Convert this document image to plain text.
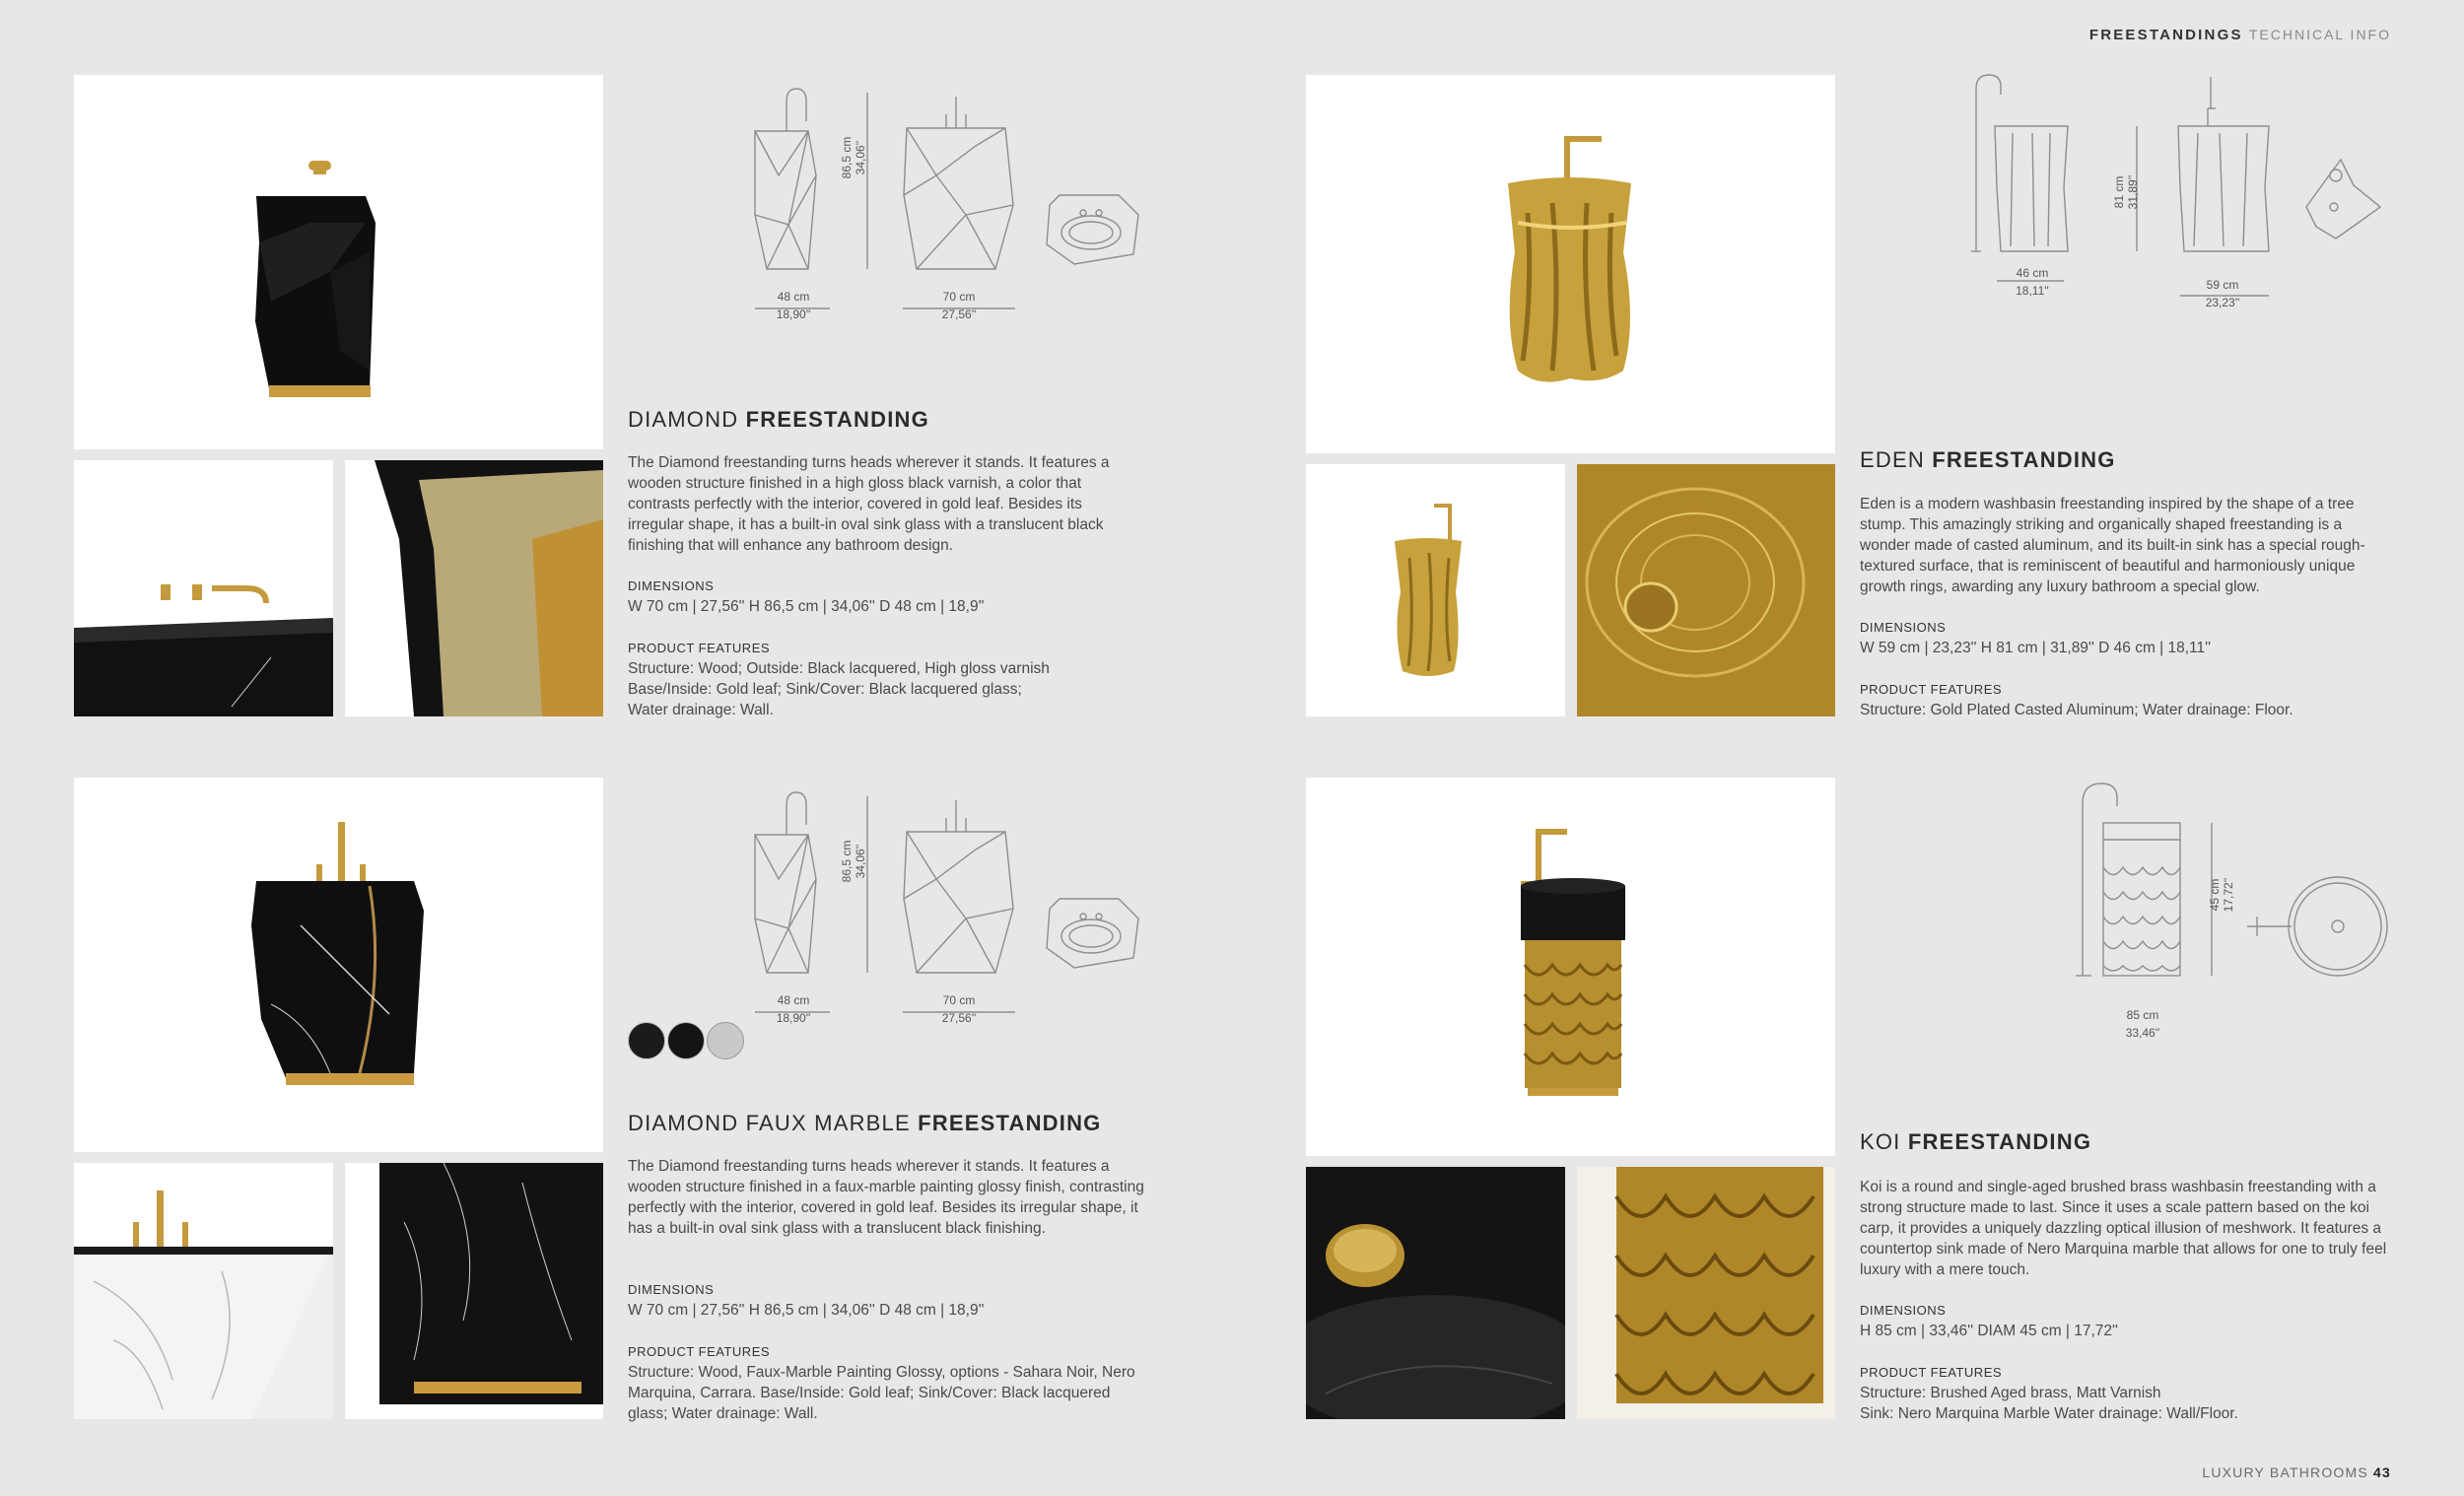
FREESTANDINGS TECHNICAL INFO
86,5 cm 34,06''
48 cm
18,90''
70 cm
27,56''
DIAMOND FREESTANDING
The Diamond freestanding turns heads wherever it stands. It features a wooden structure finished in a high gloss black varnish, a color that contrasts perfectly with the interior, covered in gold leaf. Besides its irregular shape, it has a built-in oval sink glass with a translucent black finishing that will enhance any bathroom design.
DIMENSIONS
W 70 cm | 27,56'' H 86,5 cm | 34,06'' D 48 cm | 18,9''
PRODUCT FEATURES
Structure: Wood; Outside: Black lacquered, High gloss varnish
Base/Inside: Gold leaf; Sink/Cover: Black lacquered glass;
Water drainage: Wall.
81 cm 31,89''
46 cm
18,11''	59 cm
23,23''
EDEN FREESTANDING
Eden is a modern washbasin freestanding inspired by the shape of a tree stump. This amazingly striking and organically shaped freestanding is a wonder made of casted aluminum, and its built-in sink has a special rough-textured surface, that is reminiscent of beautiful and harmoniously unique growth rings, awarding any luxury bathroom a special glow.
DIMENSIONS
W 59 cm | 23,23'' H 81 cm | 31,89'' D 46 cm | 18,11''
PRODUCT FEATURES
Structure: Gold Plated Casted Aluminum; Water drainage: Floor.
86,5 cm 34,06''
48 cm
18,90''
70 cm
27,56''
DIAMOND FAUX MARBLE FREESTANDING
The Diamond freestanding turns heads wherever it stands. It features a wooden structure finished in a faux-marble painting glossy finish, contrasting perfectly with the interior, covered in gold leaf. Besides its irregular shape, it has a built-in oval sink glass with a translucent black finishing.
DIMENSIONS
W 70 cm | 27,56'' H 86,5 cm | 34,06'' D 48 cm | 18,9''
PRODUCT FEATURES
Structure: Wood, Faux-Marble Painting Glossy, options - Sahara Noir, Nero
Marquina, Carrara. Base/Inside: Gold leaf; Sink/Cover: Black lacquered
glass; Water drainage: Wall.
45 cm 17,72''
85 cm
33,46''
KOI FREESTANDING
Koi is a round and single-aged brushed brass washbasin freestanding with a strong structure made to last. Since it uses a scale pattern based on the koi carp, it provides a uniquely dazzling optical illusion of meshwork. It features a countertop sink made of Nero Marquina marble that allows for one to truly feel luxury with a mere touch.
DIMENSIONS
H 85 cm | 33,46'' DIAM 45 cm | 17,72''
PRODUCT FEATURES
Structure: Brushed Aged brass, Matt Varnish
Sink: Nero Marquina Marble Water drainage: Wall/Floor.
LUXURY BATHROOMS 43
